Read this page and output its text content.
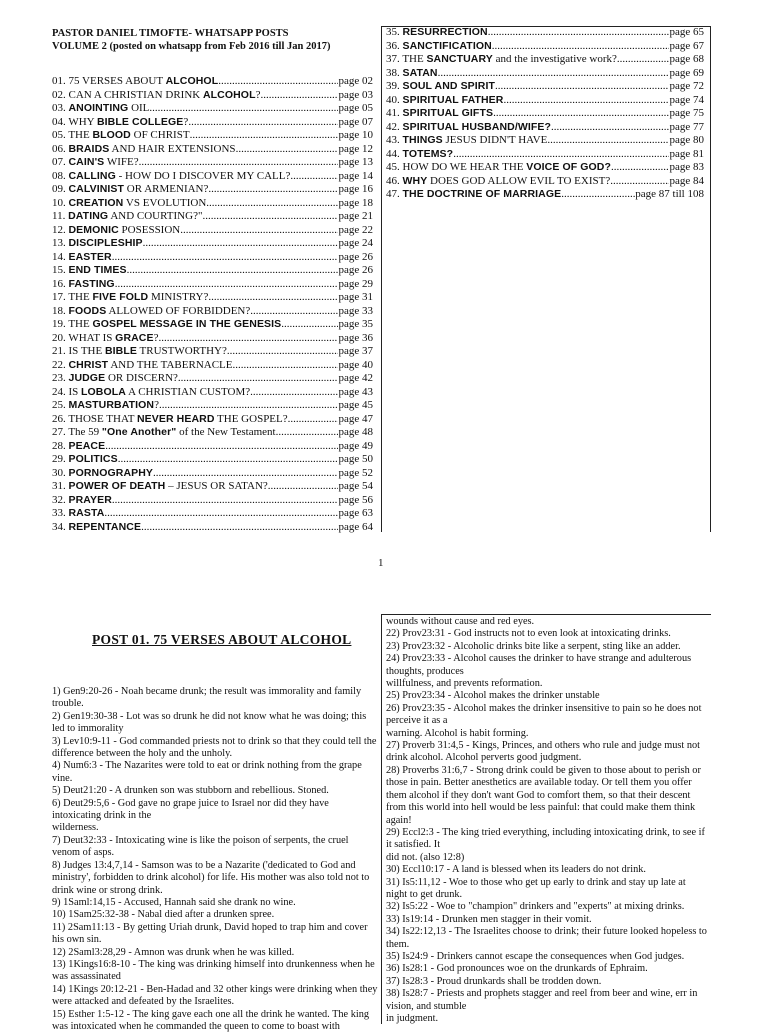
PASTOR DANIEL TIMOFTE- WHATSAPP POSTS
VOLUME 2 (posted on whatsapp from Feb 2016 till Jan 2017)
01. 75 VERSES ABOUT ALCOHOL .....	page 02
02. CAN A CHRISTIAN DRINK ALCOHOL? .....	page 03
03. ANOINTING OIL .....	page 05
04. WHY BIBLE COLLEGE? .....	page 07
05. THE BLOOD OF CHRIST .....	page 10
06. BRAIDS AND HAIR EXTENSIONS .....	page 12
07. CAIN'S WIFE? .....	page 13
08. CALLING - HOW DO I DISCOVER MY CALL? .....	page 14
09. CALVINIST OR ARMENIAN? .....	page 16
10. CREATION VS EVOLUTION .....	page 18
11. DATING AND COURTING?" .....	page 21
12. DEMONIC POSESSION .....	page 22
13. DISCIPLESHIP .....	page 24
14. EASTER .....	page 26
15. END TIMES .....	page 26
16. FASTING .....	page 29
17. THE FIVE FOLD MINISTRY? .....	page 31
18. FOODS ALLOWED OF FORBIDDEN? .....	page 33
19. THE GOSPEL MESSAGE IN THE GENESIS .....	page 35
20. WHAT IS GRACE? .....	page 36
21. IS THE BIBLE TRUSTWORTHY? .....	page 37
22. CHRIST AND THE TABERNACLE .....	page 40
23. JUDGE OR DISCERN? .....	page 42
24. IS LOBOLA A CHRISTIAN CUSTOM? .....	page 43
25. MASTURBATION? .....	page 45
26. THOSE THAT NEVER HEARD THE GOSPEL? .....	page 47
27. The 59 "One Another" of the New Testament .....	page 48
28. PEACE .....	page 49
29. POLITICS .....	page 50
30. PORNOGRAPHY .....	page 52
31. POWER OF DEATH – JESUS OR SATAN? .....	page 54
32. PRAYER .....	page 56
33. RASTA .....	page 63
34. REPENTANCE .....	page 64
35. RESURRECTION .....	page 65
36. SANCTIFICATION .....	page 67
37. THE SANCTUARY and the investigative work? .....	page 68
38. SATAN .....	page 69
39. SOUL AND SPIRIT .....	page 72
40. SPIRITUAL FATHER .....	page 74
41. SPIRITUAL GIFTS .....	page 75
42. SPIRITUAL HUSBAND/WIFE? .....	page 77
43. THINGS JESUS DIDN'T HAVE .....	page 80
44. TOTEMS? .....	page 81
45. HOW DO WE HEAR THE VOICE OF GOD? .....	page 83
46. WHY DOES GOD ALLOW EVIL TO EXIST? .....	page 84
47. THE DOCTRINE OF MARRIAGE .....	page 87 till 108
1
POST 01. 75 VERSES ABOUT ALCOHOL

1) Gen9:20-26 - Noah became drunk; the result was immorality and family trouble.

2) Gen19:30-38 - Lot was so drunk he did not know what he was doing; this led to immorality

3) Lev10:9-11 - God commanded priests not to drink so that they could tell the difference between the holy and the unholy.

4) Num6:3 - The Nazarites were told to eat or drink nothing from the grape vine.

5) Deut21:20 - A drunken son was stubborn and rebellious. Stoned.

6) Deut29:5,6 - God gave no grape juice to Israel nor did they have intoxicating drink in the

wilderness.

7) Deut32:33 - Intoxicating wine is like the poison of serpents, the cruel venom of asps.

8) Judges 13:4,7,14 - Samson was to be a Nazarite ('dedicated to God and ministry', forbidden to drink alcohol) for life. His mother was also told not to drink wine or strong drink.

9) 1Saml:14,15 - Accused, Hannah said she drank no wine.

10) 1Sam25:32-38 - Nabal died after a drunken spree.

11) 2Sam11:13 - By getting Uriah drunk, David hoped to trap him and cover his own sin.

12) 2Saml3:28,29 - Amnon was drunk when he was killed.

13) 1Kings16:8-10 - The king was drinking himself into drunkenness when he was assassinated

14) 1Kings 20:12-21 - Ben-Hadad and 32 other kings were drinking when they were attacked and defeated by the Israelites.

15) Esther 1:5-12 - The king gave each one all the drink he wanted. The king was intoxicated when he commanded the queen to come to boast with

wounds without cause and red eyes.

22) Prov23:31 - God instructs not to even look at intoxicating drinks.

23) Prov23:32 - Alcoholic drinks bite like a serpent, sting like an adder.

24) Prov23:33 - Alcohol causes the drinker to have strange and adulterous thoughts, produces

willfulness, and prevents reformation.

25) Prov23:34 - Alcohol makes the drinker unstable

26) Prov23:35 - Alcohol makes the drinker insensitive to pain so he does not perceive it as a

warning. Alcohol is habit forming.

27) Proverb 31:4,5 - Kings, Princes, and others who rule and judge must not drink alcohol. Alcohol perverts good judgment.

28) Proverbs 31:6,7 - Strong drink could be given to those about to perish or those in pain. Better anesthetics are available today. Or tell them you offer them alcohol if they don't want God to comfort them, so that their descent from this world into hell would be less painful: that could make them think again!

29) Eccl2:3 - The king tried everything, including intoxicating drink, to see if it satisfied. It

did not. (also 12:8)

30) Eccl10:17 - A land is blessed when its leaders do not drink.

31) Is5:11,12 - Woe to those who get up early to drink and stay up late at night to get drunk.

32) Is5:22 - Woe to "champion" drinkers and "experts" at mixing drinks.

33) Is19:14 - Drunken men stagger in their vomit.

34) Is22:12,13 - The Israelites choose to drink; their future looked hopeless to them.

35) Is24:9 - Drinkers cannot escape the consequences when God judges.

36) Is28:1 - God pronounces woe on the drunkards of Ephraim.

37) Is28:3 - Proud drunkards shall be trodden down.

38) Is28:7 - Priests and prophets stagger and reel from beer and wine, err in vision, and stumble

in judgment.
